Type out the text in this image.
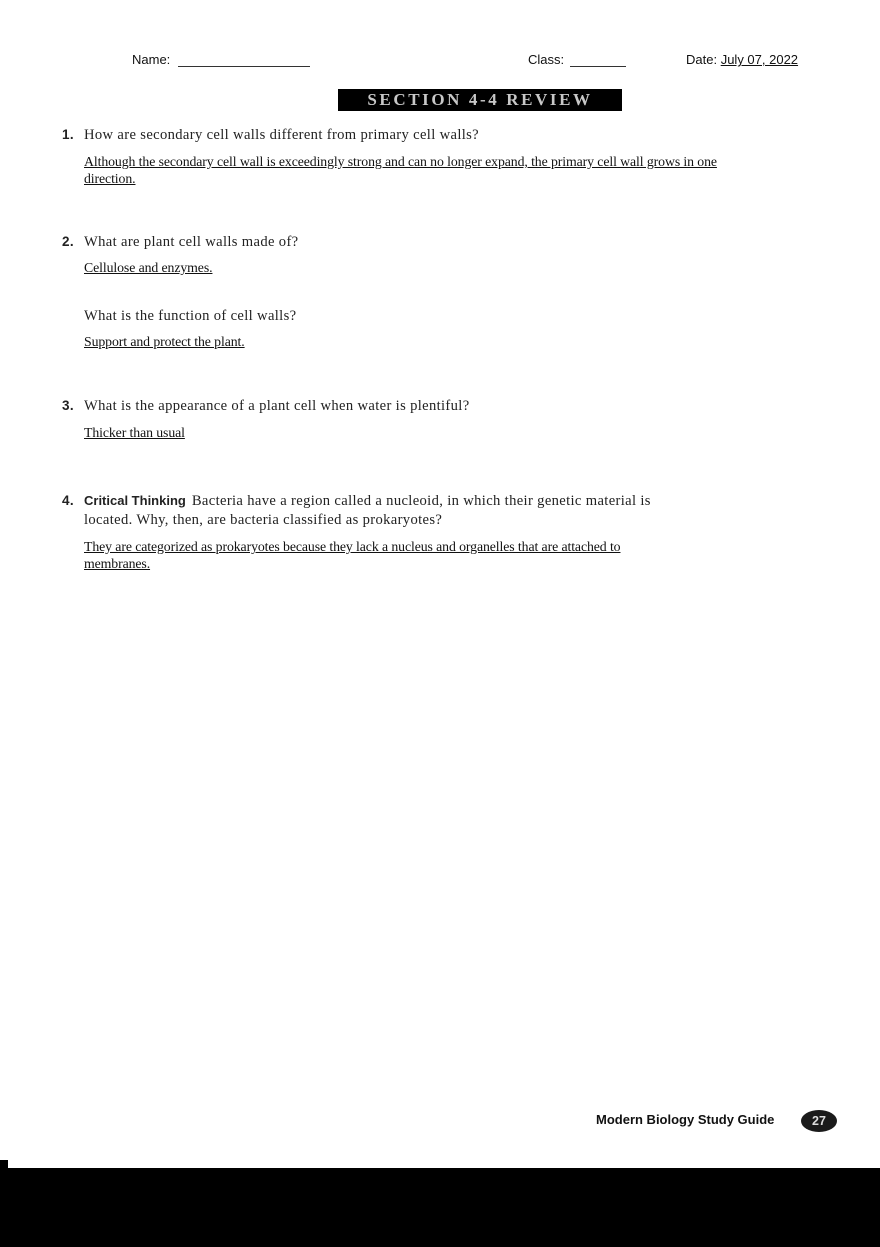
Name:	Class:	Date: July 07, 2022
SECTION 4-4 REVIEW
1. How are secondary cell walls different from primary cell walls?
Although the secondary cell wall is exceedingly strong and can no longer expand, the primary cell wall grows in one
direction.
2. What are plant cell walls made of?
Cellulose and enzymes.
What is the function of cell walls?
Support and protect the plant.
3. What is the appearance of a plant cell when water is plentiful?
Thicker than usual
4. Critical Thinking Bacteria have a region called a nucleoid, in which their genetic material is
located. Why, then, are bacteria classified as prokaryotes?
They are categorized as prokaryotes because they lack a nucleus and organelles that are attached to
membranes.
Modern Biology Study Guide	27
